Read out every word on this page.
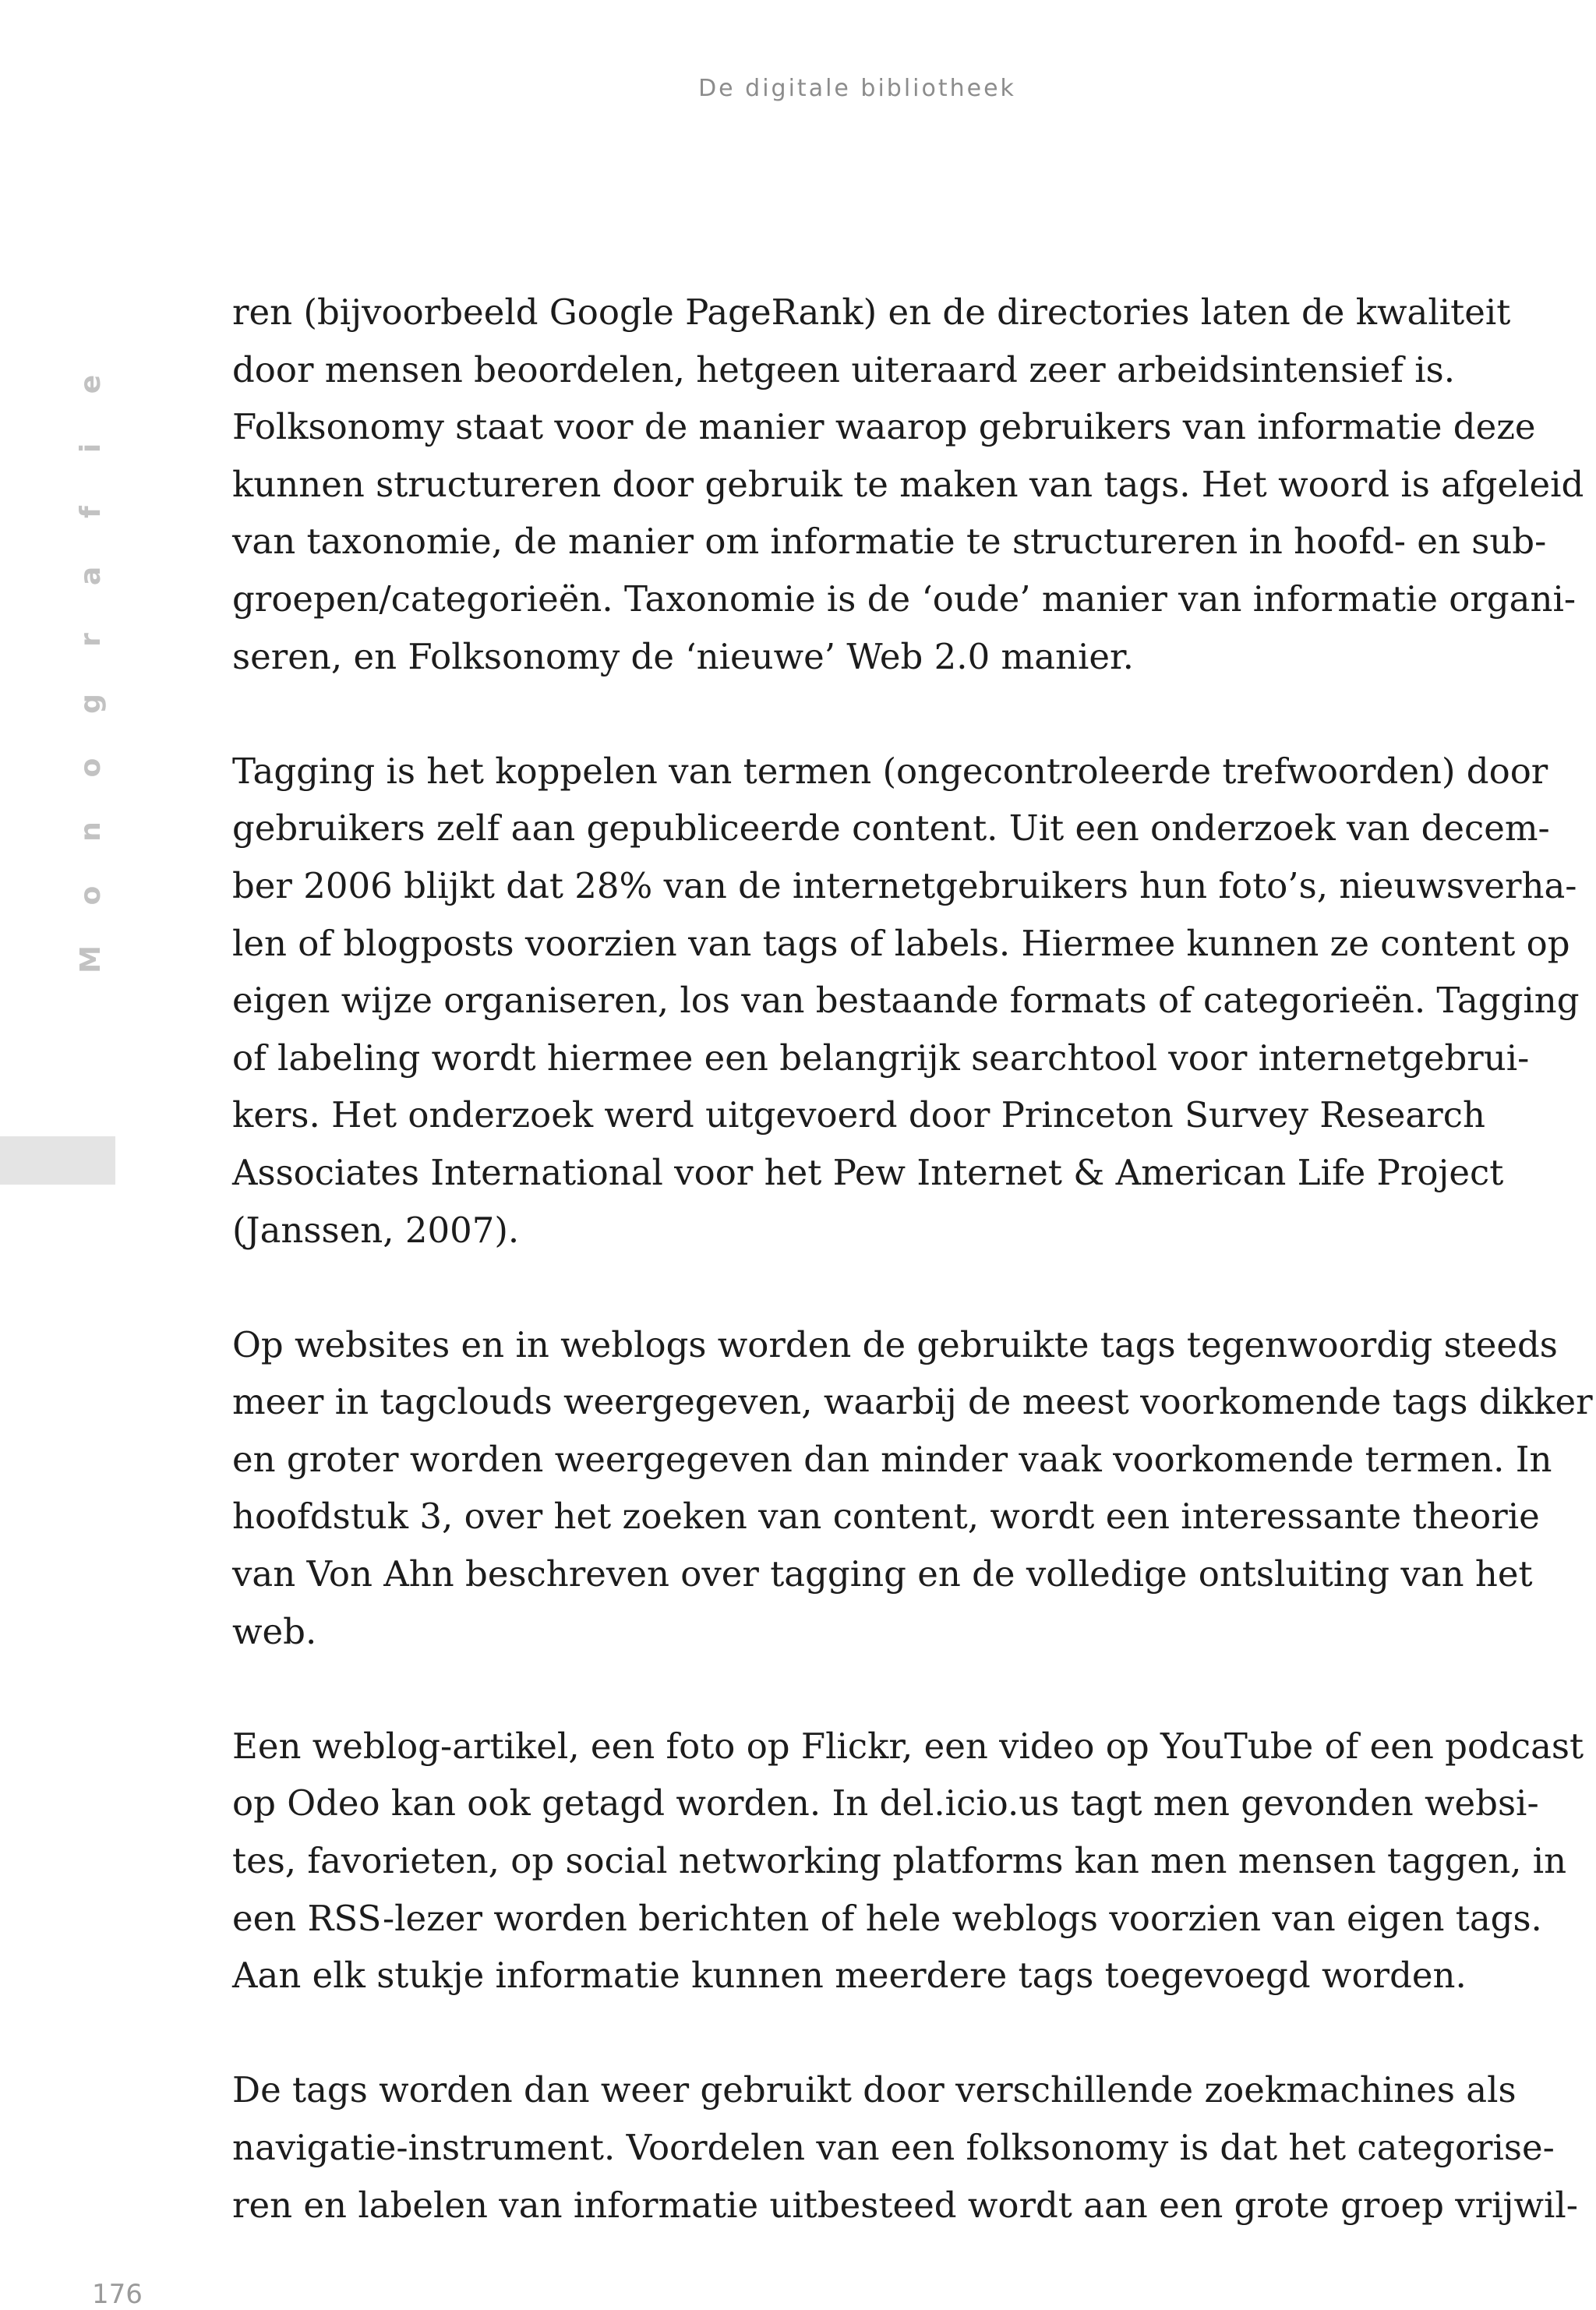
De digitale bibliotheek
e
i
f
a
r
g
o
n
o
M
ren (bijvoorbeeld Google PageRank) en de directories laten de kwaliteit
door mensen beoordelen, hetgeen uiteraard zeer arbeidsintensief is.
Folksonomy staat voor de manier waarop gebruikers van informatie deze
kunnen structureren door gebruik te maken van tags. Het woord is afgeleid
van taxonomie, de manier om informatie te structureren in hoofd- en sub-
groepen/categorieën. Taxonomie is de ‘oude’ manier van informatie organi-
seren, en Folksonomy de ‘nieuwe’ Web 2.0 manier.
Tagging is het koppelen van termen (ongecontroleerde trefwoorden) door
gebruikers zelf aan gepubliceerde content. Uit een onderzoek van decem-
ber 2006 blijkt dat 28% van de internetgebruikers hun foto’s, nieuwsverha-
len of blogposts voorzien van tags of labels. Hiermee kunnen ze content op
eigen wijze organiseren, los van bestaande formats of categorieën. Tagging
of labeling wordt hiermee een belangrijk searchtool voor internetgebrui-
kers. Het onderzoek werd uitgevoerd door Princeton Survey Research
Associates International voor het Pew Internet & American Life Project
(Janssen, 2007).
Op websites en in weblogs worden de gebruikte tags tegenwoordig steeds
meer in tagclouds weergegeven, waarbij de meest voorkomende tags dikker
en groter worden weergegeven dan minder vaak voorkomende termen. In
hoofdstuk 3, over het zoeken van content, wordt een interessante theorie
van Von Ahn beschreven over tagging en de volledige ontsluiting van het
web.
Een weblog-artikel, een foto op Flickr, een video op YouTube of een podcast
op Odeo kan ook getagd worden. In del.icio.us tagt men gevonden websi-
tes, favorieten, op social networking platforms kan men mensen taggen, in
een RSS-lezer worden berichten of hele weblogs voorzien van eigen tags.
Aan elk stukje informatie kunnen meerdere tags toegevoegd worden.
De tags worden dan weer gebruikt door verschillende zoekmachines als
navigatie-instrument. Voordelen van een folksonomy is dat het categorise-
ren en labelen van informatie uitbesteed wordt aan een grote groep vrijwil-
176
